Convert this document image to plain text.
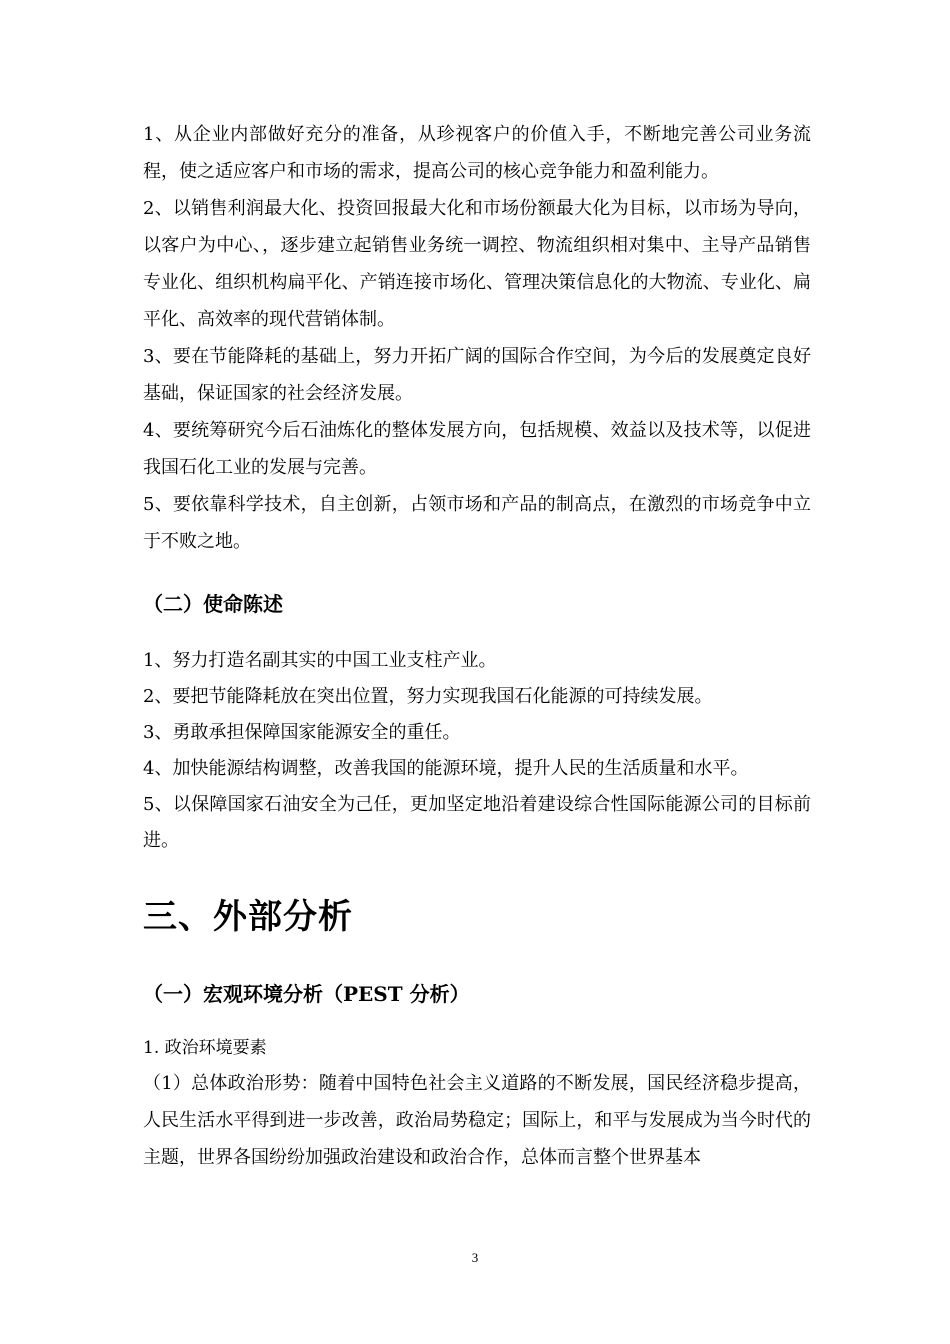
1、从企业内部做好充分的准备，从珍视客户的价值入手，不断地完善公司业务流程，使之适应客户和市场的需求，提高公司的核心竞争能力和盈利能力。

2、以销售利润最大化、投资回报最大化和市场份额最大化为目标，以市场为导向，以客户为中心、，逐步建立起销售业务统一调控、物流组织相对集中、主导产品销售专业化、组织机构扁平化、产销连接市场化、管理决策信息化的大物流、专业化、扁平化、高效率的现代营销体制。

3、要在节能降耗的基础上，努力开拓广阔的国际合作空间，为今后的发展奠定良好基础，保证国家的社会经济发展。

4、要统筹研究今后石油炼化的整体发展方向，包括规模、效益以及技术等，以促进我国石化工业的发展与完善。

5、要依靠科学技术，自主创新，占领市场和产品的制高点，在激烈的市场竞争中立于不败之地。

（二）使命陈述

1、努力打造名副其实的中国工业支柱产业。

2、要把节能降耗放在突出位置，努力实现我国石化能源的可持续发展。

3、勇敢承担保障国家能源安全的重任。

4、加快能源结构调整，改善我国的能源环境，提升人民的生活质量和水平。

5、以保障国家石油安全为己任，更加坚定地沿着建设综合性国际能源公司的目标前进。

三、外部分析
（一）宏观环境分析（PEST 分析）

1. 政治环境要素

（1）总体政治形势：随着中国特色社会主义道路的不断发展，国民经济稳步提高，人民生活水平得到进一步改善，政治局势稳定；国际上，和平与发展成为当今时代的主题，世界各国纷纷加强政治建设和政治合作，总体而言整个世界基本

3
